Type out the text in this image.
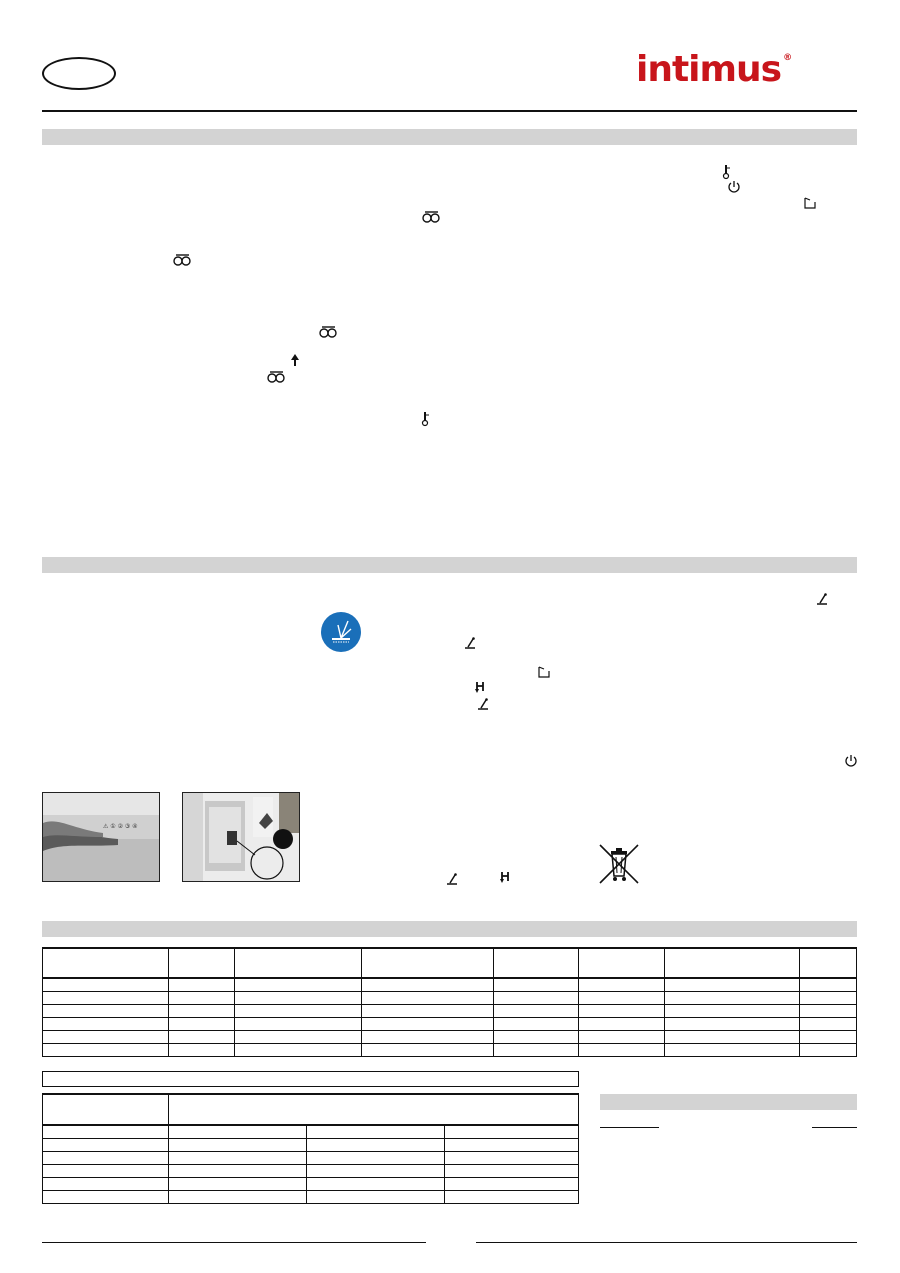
intimus ®
⚠ ① ② ③ ④
